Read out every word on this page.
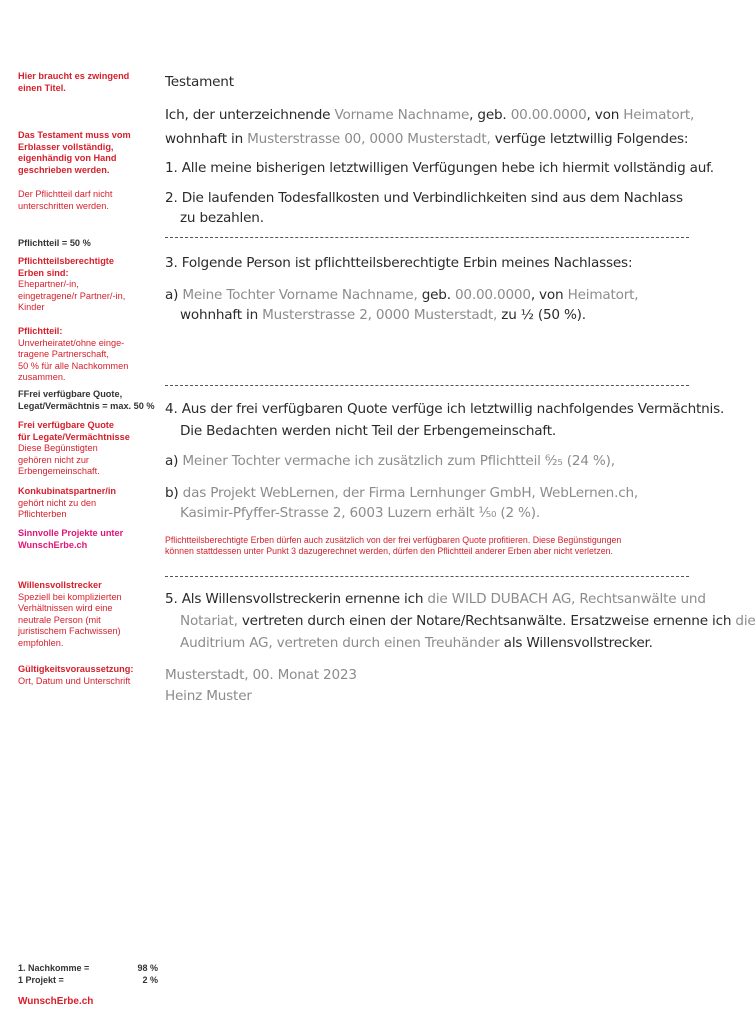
Hier braucht es zwingend
einen Titel.
Das Testament muss vom
Erblasser vollständig,
eigenhändig von Hand
geschrieben werden.
Der Pflichtteil darf nicht
unterschritten werden.
Pflichtteil = 50 %
Pflichtteilsberechtigte
Erben sind:
Ehepartner/-in,
eingetragene/r Partner/-in,
Kinder
Pflichtteil:
Unverheiratet/ohne einge-
tragene Partnerschaft,
50 % für alle Nachkommen
zusammen.
FFrei verfügbare Quote,
Legat/Vermächtnis = max. 50 %
Frei verfügbare Quote
für Legate/Vermächtnisse
Diese Begünstigten
gehören nicht zur
Erbengemeinschaft.
Konkubinatspartner/in
gehört nicht zu den
Pflichterben
Sinnvolle Projekte unter
WunschErbe.ch
Willensvollstrecker
Speziell bei komplizierten
Verhältnissen wird eine
neutrale Person (mit
juristischem Fachwissen)
empfohlen.
Gültigkeitsvoraussetzung:
Ort, Datum und Unterschrift
Testament
Ich, der unterzeichnende Vorname Nachname, geb. 00.00.0000, von Heimatort,
wohnhaft in Musterstrasse 00, 0000 Musterstadt, verfüge letztwillig Folgendes:
1. Alle meine bisherigen letztwilligen Verfügungen hebe ich hiermit vollständig auf.
2. Die laufenden Todesfallkosten und Verbindlichkeiten sind aus dem Nachlass
zu bezahlen.
3. Folgende Person ist pflichtteilsberechtigte Erbin meines Nachlasses:
a) Meine Tochter Vorname Nachname, geb. 00.00.0000, von Heimatort,
wohnhaft in Musterstrasse 2, 0000 Musterstadt, zu ½ (50 %).
4. Aus der frei verfügbaren Quote verfüge ich letztwillig nachfolgendes Vermächtnis.
Die Bedachten werden nicht Teil der Erbengemeinschaft.
a) Meiner Tochter vermache ich zusätzlich zum Pflichtteil ⁶⁄₂₅ (24 %),
b) das Projekt WebLernen, der Firma Lernhunger GmbH, WebLernen.ch,
Kasimir-Pfyffer-Strasse 2, 6003 Luzern erhält ¹⁄₅₀ (2 %).
Pflichtteilsberechtigte Erben dürfen auch zusätzlich von der frei verfügbaren Quote profitieren. Diese Begünstigungen
können stattdessen unter Punkt 3 dazugerechnet werden, dürfen den Pflichtteil anderer Erben aber nicht verletzen.
5. Als Willensvollstreckerin ernenne ich die WILD DUBACH AG, Rechtsanwälte und
Notariat, vertreten durch einen der Notare/Rechtsanwälte. Ersatzweise ernenne ich die
Auditrium AG, vertreten durch einen Treuhänder als Willensvollstrecker.
Musterstadt, 00. Monat 2023
Heinz Muster
1. Nachkomme =	98 %
1 Projekt =	2 %
WunschErbe.ch
